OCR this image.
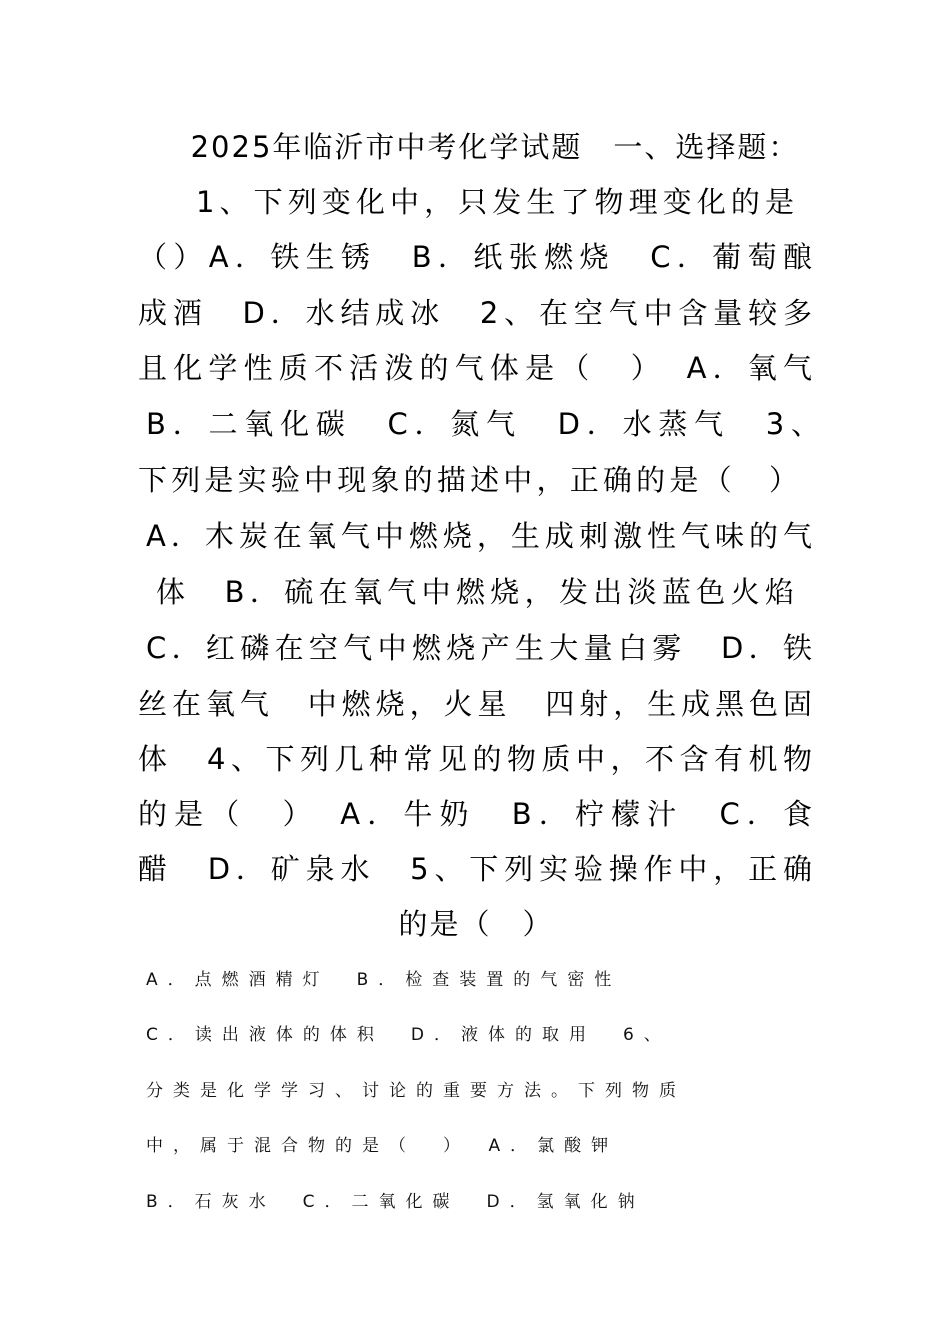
2025年临沂市中考化学试题　一、选择题：
1、下列变化中，只发生了物理变化的是
（）A．铁生锈　B．纸张燃烧　C．葡萄酿
成酒　D．水结成冰　2、在空气中含量较多
且化学性质不活泼的气体是（　）　A．氧气
B．二氧化碳　C．氮气　D．水蒸气　3、
下列是实验中现象的描述中，正确的是（　）
A．木炭在氧气中燃烧，生成刺激性气味的气
体　B．硫在氧气中燃烧，发出淡蓝色火焰
C．红磷在空气中燃烧产生大量白雾　D．铁
丝在氧气　中燃烧，火星　四射，生成黑色固
体　4、下列几种常见的物质中，不含有机物
的是（　）　A．牛奶　B．柠檬汁　C．食
醋　D．矿泉水　5、下列实验操作中，正确
的是（　）
A．点燃酒精灯　B．检查装置的气密性
C．读出液体的体积　D．液体的取用　6、
分类是化学学习、讨论的重要方法。下列物质
中，属于混合物的是（　）　A．氯酸钾
B．石灰水　C．二氧化碳　D．氢氧化钠
